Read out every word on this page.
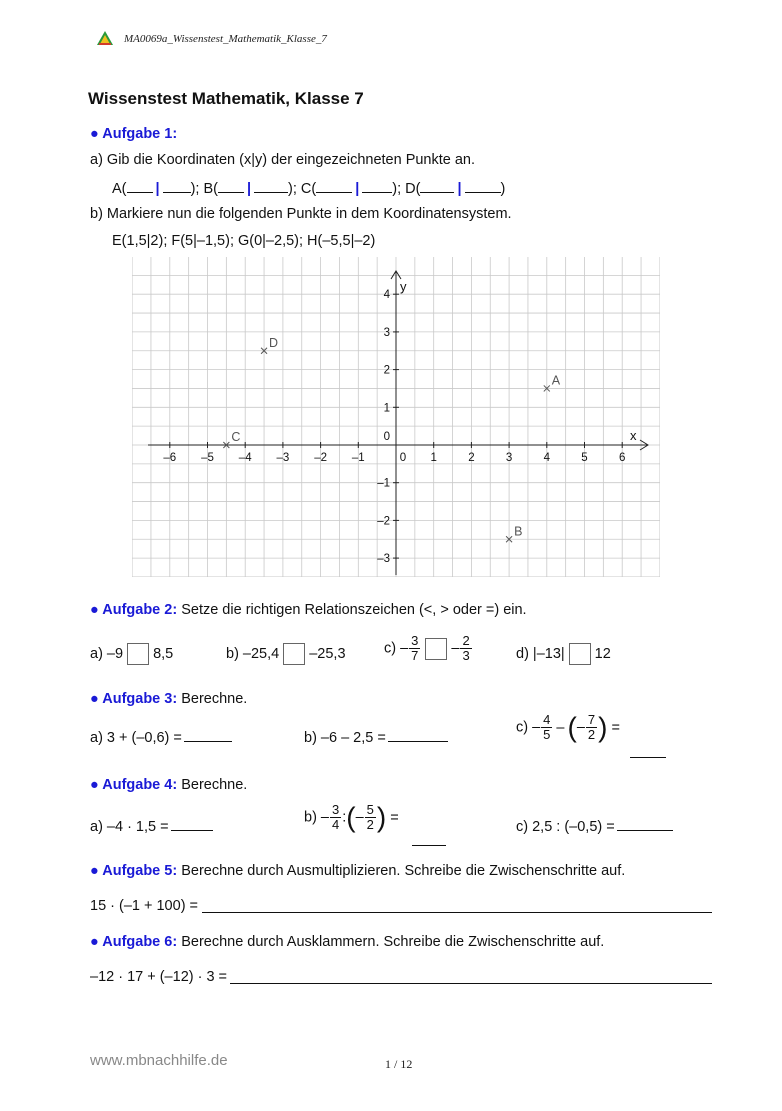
MA0069a_Wissenstest_Mathematik_Klasse_7
Wissenstest Mathematik, Klasse 7
● Aufgabe 1:
a) Gib die Koordinaten (x|y) der eingezeichneten Punkte an.
A( | ); B( |	); C(	| ); D(	|	)
b) Markiere nun die folgenden Punkte in dem Koordinatensystem.
E(1,5|2); F(5|–1,5); G(0|–2,5); H(–5,5|–2)
x
y
–6 –5 –4 –3 –2 –1	0 1	2	3	4	5	6
4
3
2
1
0
–1
–2
–3
A
B
C
D
● Aufgabe 2: Setze die richtigen Relationszeichen (<, > oder =) ein.
a) –9 8,5	b) –25,4 –25,3	$c) - \frac{3}{7} - \frac{2}{3}$	d) |–13| 12
● Aufgabe 3: Berechne.
a) 3 + (–0,6) =	b) –6 – 2,5 =
$c) - \frac{4}{5}$ – (– $\frac{7}{2}$ ) =
● Aufgabe 4: Berechne.
a) –4 · 1,5 =
$b) - \frac{3}{4}$ :(– $\frac{5}{2}$ ) =
c) 2,5 : (–0,5) =
● Aufgabe 5: Berechne durch Ausmultiplizieren. Schreibe die Zwischenschritte auf.
15 · (–1 + 100) =
● Aufgabe 6: Berechne durch Ausklammern. Schreibe die Zwischenschritte auf.
–12 · 17 + (–12) · 3 =
www.mbnachhilfe.de	1 / 12
